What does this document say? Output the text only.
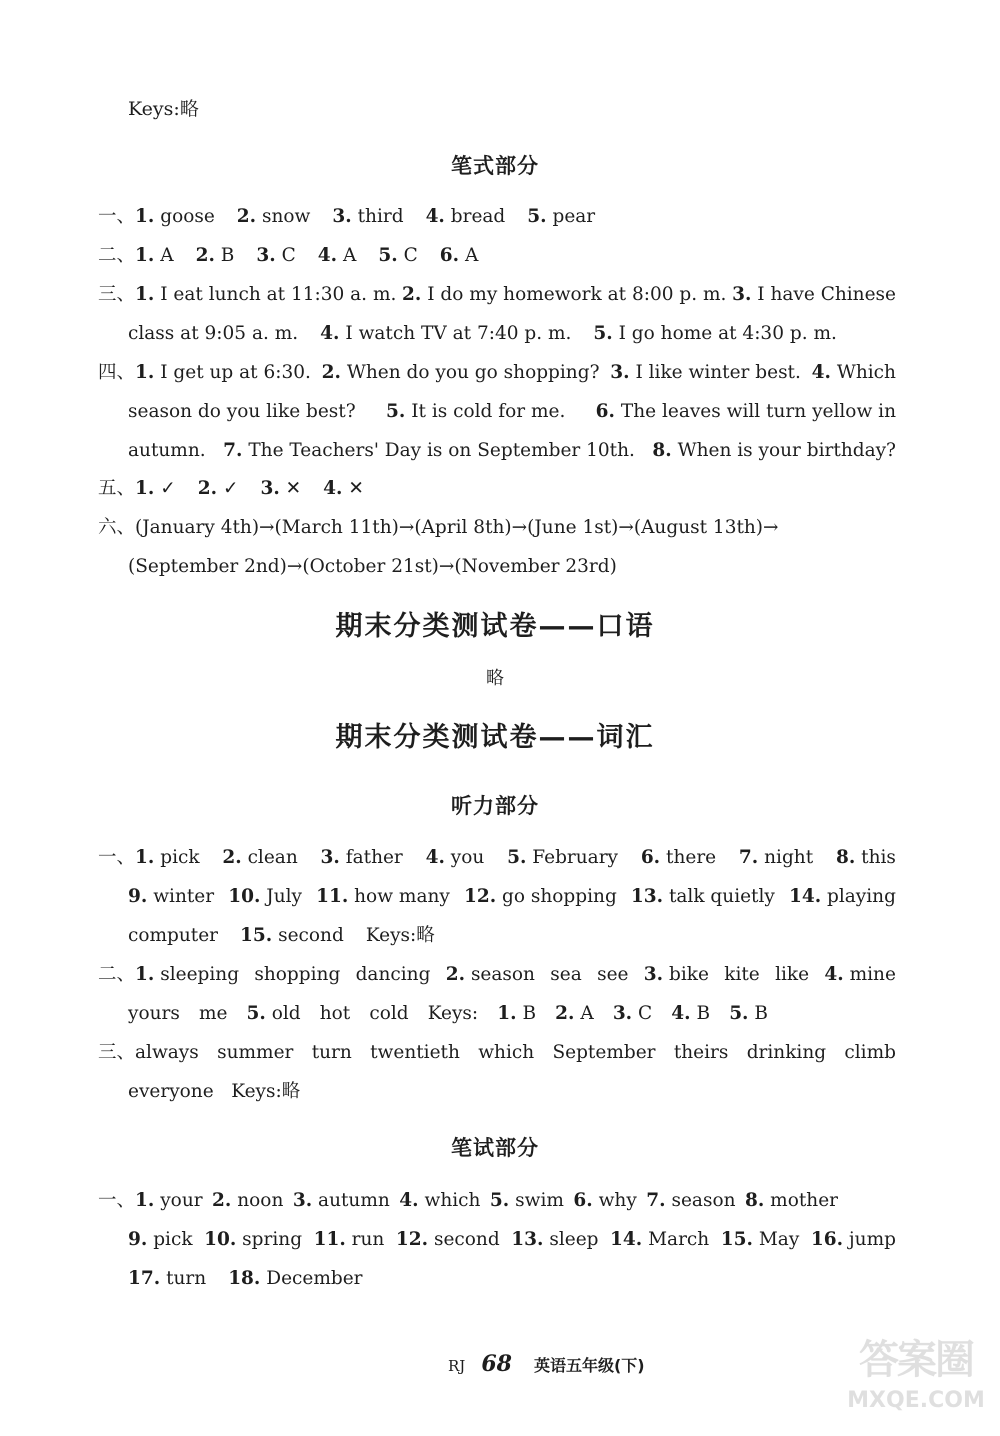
Keys:略
笔式部分
一、1. goose 2. snow 3. third 4. bread 5. pear
二、1. A 2. B 3. C 4. A 5. C 6. A
三、1. I eat lunch at 11:30 a. m. 2. I do my homework at 8:00 p. m. 3. I have Chinese
class at 9:05 a. m. 4. I watch TV at 7:40 p. m. 5. I go home at 4:30 p. m.
四、1. I get up at 6:30. 2. When do you go shopping? 3. I like winter best. 4. Which
season do you like best? 5. It is cold for me. 6. The leaves will turn yellow in
autumn. 7. The Teachers' Day is on September 10th. 8. When is your birthday?
五、1. ✓ 2. ✓ 3. ✕ 4. ✕
六、(January 4th)→(March 11th)→(April 8th)→(June 1st)→(August 13th)→
(September 2nd)→(October 21st)→(November 23rd)
期末分类测试卷——口语
略
期末分类测试卷——词汇
听力部分
一、1. pick 2. clean 3. father 4. you 5. February 6. there 7. night 8. this
9. winter 10. July 11. how many 12. go shopping 13. talk quietly 14. playing
computer 15. second Keys:略
二、1. sleeping shopping dancing 2. season sea see 3. bike kite like 4. mine
yours me 5. old hot cold Keys: 1. B 2. A 3. C 4. B 5. B
三、always summer turn twentieth which September theirs drinking climb
everyone   Keys:略
笔试部分
一、1. your 2. noon 3. autumn 4. which 5. swim 6. why 7. season 8. mother
9. pick 10. spring 11. run 12. second 13. sleep 14. March 15. May 16. jump
17. turn 18. December
RJ 68 英语五年级(下)	答案圈
MXQE.COM
